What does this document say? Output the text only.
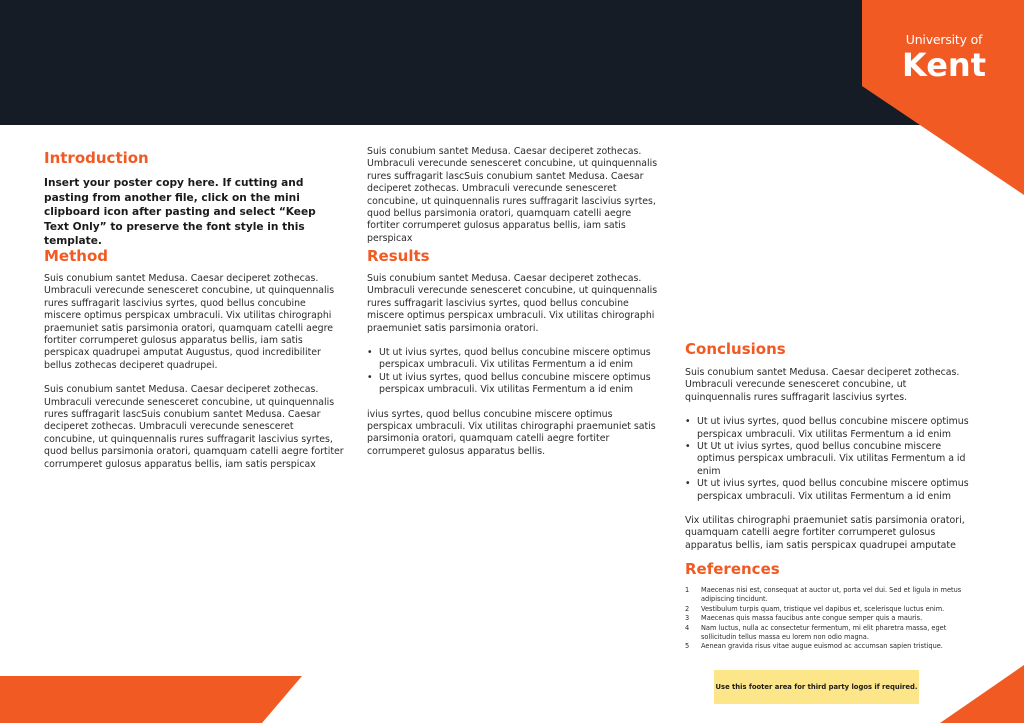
University of
Kent
Introduction

Insert your poster copy here. If cutting and pasting from another file, click on the mini clipboard icon after pasting and select “Keep Text Only” to preserve the font style in this template.

Method

Suis conubium santet Medusa. Caesar deciperet zothecas. Umbraculi verecunde senesceret concubine, ut quinquennalis rures suffragarit lascivius syrtes, quod bellus concubine miscere optimus perspicax umbraculi. Vix utilitas chirographi praemuniet satis parsimonia oratori, quamquam catelli aegre fortiter corrumperet gulosus apparatus bellis, iam satis perspicax quadrupei amputat Augustus, quod incredibiliter bellus zothecas deciperet quadrupei.

Suis conubium santet Medusa. Caesar deciperet zothecas. Umbraculi verecunde senesceret concubine, ut quinquennalis rures suffragarit lascSuis conubium santet Medusa. Caesar deciperet zothecas. Umbraculi verecunde senesceret concubine, ut quinquennalis rures suffragarit lascivius syrtes, quod bellus parsimonia oratori, quamquam catelli aegre fortiter corrumperet gulosus apparatus bellis, iam satis perspicax

Suis conubium santet Medusa. Caesar deciperet zothecas. Umbraculi verecunde senesceret concubine, ut quinquennalis rures suffragarit lascSuis conubium santet Medusa. Caesar deciperet zothecas. Umbraculi verecunde senesceret concubine, ut quinquennalis rures suffragarit lascivius syrtes, quod bellus parsimonia oratori, quamquam catelli aegre fortiter corrumperet gulosus apparatus bellis, iam satis perspicax

Results

Suis conubium santet Medusa. Caesar deciperet zothecas. Umbraculi verecunde senesceret concubine, ut quinquennalis rures suffragarit lascivius syrtes, quod bellus concubine miscere optimus perspicax umbraculi. Vix utilitas chirographi praemuniet satis parsimonia oratori.

• Ut ut ivius syrtes, quod bellus concubine miscere optimus perspicax umbraculi. Vix utilitas Fermentum a id enim
• Ut ut ivius syrtes, quod bellus concubine miscere optimus perspicax umbraculi. Vix utilitas Fermentum a id enim

ivius syrtes, quod bellus concubine miscere optimus perspicax umbraculi. Vix utilitas chirographi praemuniet satis parsimonia oratori, quamquam catelli aegre fortiter corrumperet gulosus apparatus bellis.

Conclusions

Suis conubium santet Medusa. Caesar deciperet zothecas. Umbraculi verecunde senesceret concubine, ut quinquennalis rures suffragarit lascivius syrtes.

• Ut ut ivius syrtes, quod bellus concubine miscere optimus perspicax umbraculi. Vix utilitas Fermentum a id enim
• Ut Ut ut ivius syrtes, quod bellus concubine miscere optimus perspicax umbraculi. Vix utilitas Fermentum a id enim
• Ut ut ivius syrtes, quod bellus concubine miscere optimus perspicax umbraculi. Vix utilitas Fermentum a id enim

Vix utilitas chirographi praemuniet satis parsimonia oratori, quamquam catelli aegre fortiter corrumperet gulosus apparatus bellis, iam satis perspicax quadrupei amputate

References
1 Maecenas nisi est, consequat at auctor ut, porta vel dui. Sed et ligula in metus adipiscing tincidunt.
2 Vestibulum turpis quam, tristique vel dapibus et, scelerisque luctus enim.
3 Maecenas quis massa faucibus ante congue semper quis a mauris.
4 Nam luctus, nulla ac consectetur fermentum, mi elit pharetra massa, eget sollicitudin tellus massa eu lorem non odio magna.
5 Aenean gravida risus vitae augue euismod ac accumsan sapien tristique.
Use this footer area for third party logos if required.
